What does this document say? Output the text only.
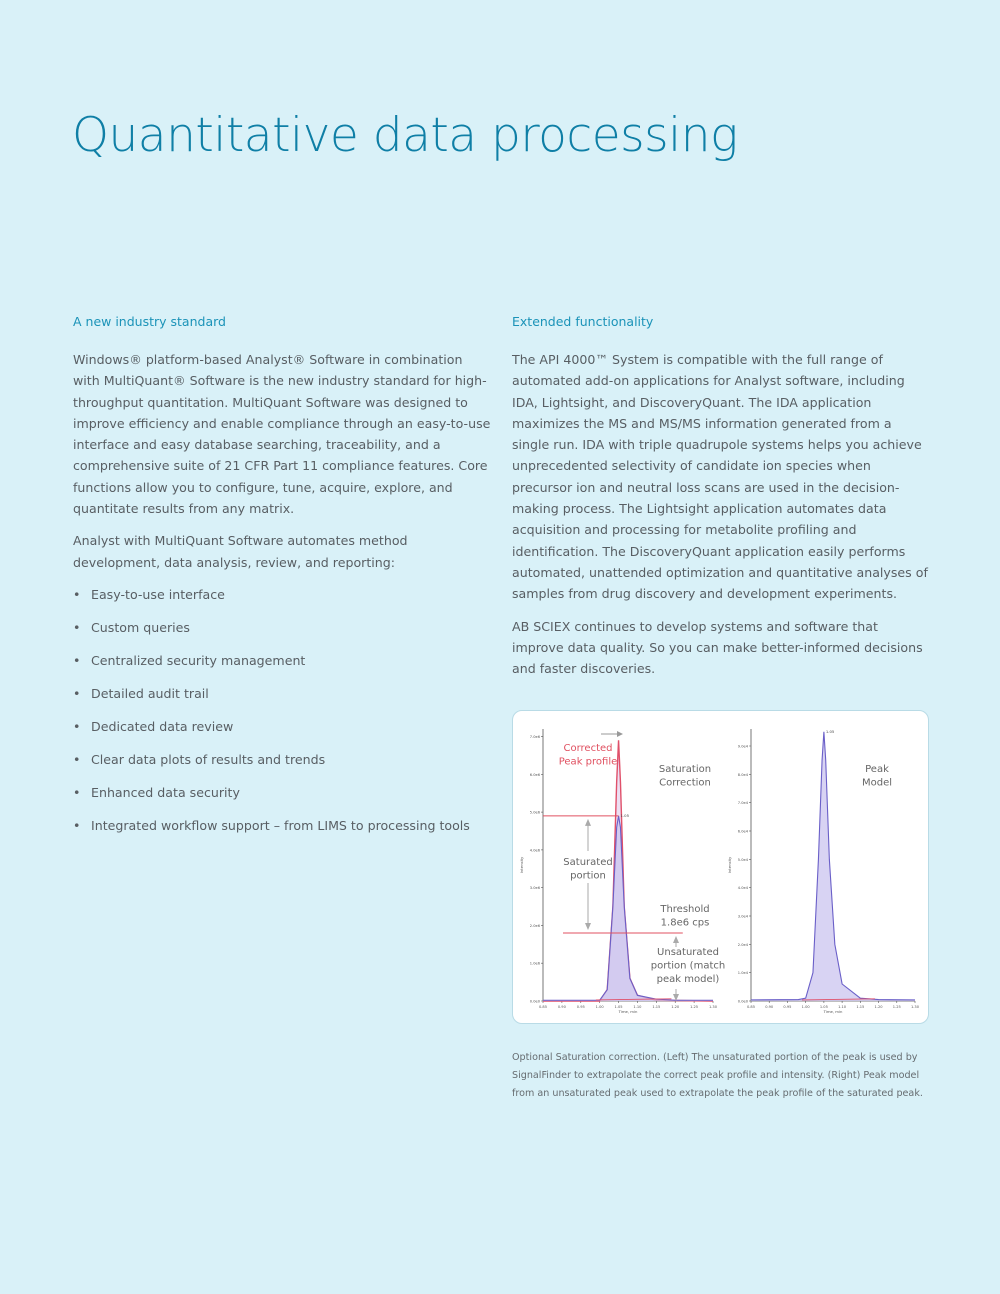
Quantitative data processing
A new industry standard

Windows® platform-based Analyst® Software in combination with MultiQuant® Software is the new industry standard for high-throughput quantitation. MultiQuant Software was designed to improve efficiency and enable compliance through an easy-to-use interface and easy database searching, traceability, and a comprehensive suite of 21 CFR Part 11 compliance features. Core functions allow you to configure, tune, acquire, explore, and quantitate results from any matrix.

Analyst with MultiQuant Software automates method development, data analysis, review, and reporting:

• Easy-to-use interface
• Custom queries
• Centralized security management
• Detailed audit trail
• Dedicated data review
• Clear data plots of results and trends
• Enhanced data security
• Integrated workflow support – from LIMS to processing tools
Extended functionality

The API 4000™ System is compatible with the full range of automated add-on applications for Analyst software, including IDA, Lightsight, and DiscoveryQuant. The IDA application maximizes the MS and MS/MS information generated from a single run. IDA with triple quadrupole systems helps you achieve unprecedented selectivity of candidate ion species when precursor ion and neutral loss scans are used in the decision-making process. The Lightsight application automates data acquisition and processing for metabolite profiling and identification. The DiscoveryQuant application easily performs automated, unattended optimization and quantitative analyses of samples from drug discovery and development experiments.

AB SCIEX continues to develop systems and software that improve data quality. So you can make better-informed decisions and faster discoveries.

0.0e0
1.0e6
2.0e6
3.0e6
4.0e6
5.0e6
6.0e6
7.0e6
0.85	0.90	0.95	1.00	1.05	1.10	1.15	1.20	1.25	1.30
Time, min
Intensity
1.05
0.0e0
1.0e4
2.0e4
3.0e4
4.0e4
5.0e4
6.0e4
7.0e4
8.0e4
9.0e4
0.85	0.90	0.95	1.00	1.05	1.10	1.15	1.20	1.25	1.30
Time, min
Intensity
1.05
Corrected
Peak profile
Saturation
Correction
Saturated
portion
Threshold
1.8e6 cps
Unsaturated
portion (match
peak model)
Peak
Model
Optional Saturation correction. (Left) The unsaturated portion of the peak is used by SignalFinder to extrapolate the correct peak profile and intensity. (Right) Peak model from an unsaturated peak used to extrapolate the peak profile of the saturated peak.
